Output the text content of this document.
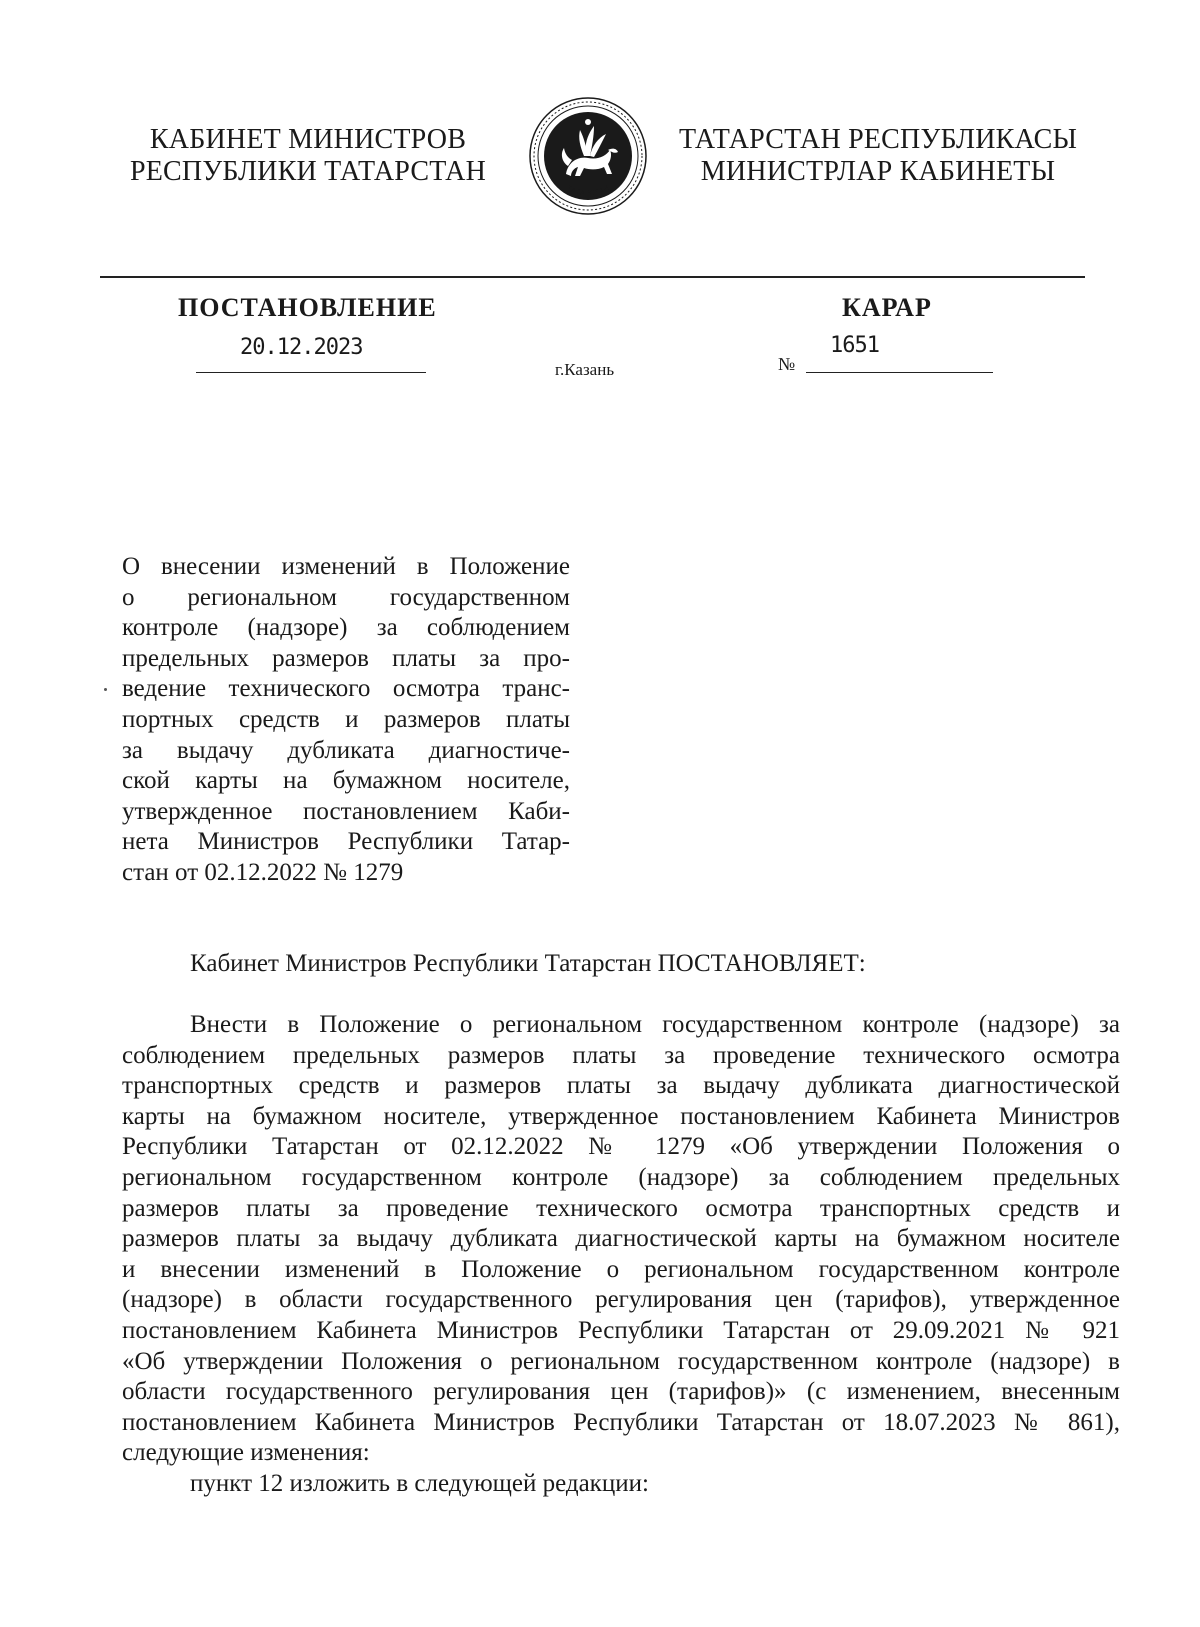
КАБИНЕТ МИНИСТРОВ
РЕСПУБЛИКИ ТАТАРСТАН
ТАТАРСТАН
ТАТАРСТАН РЕСПУБЛИКАСЫ
МИНИСТРЛАР КАБИНЕТЫ
ПОСТАНОВЛЕНИЕ	КАРАР
20.12.2023
г.Казань	№
1651
О внесении изменений в Положение
о региональном государственном
контроле (надзоре) за соблюдением
предельных размеров платы за про-
ведение технического осмотра транс-
портных средств и размеров платы
за выдачу дубликата диагностиче-
ской карты на бумажном носителе,
утвержденное постановлением Каби-
нета Министров Республики Татар-
стан от 02.12.2022 № 1279
Кабинет Министров Республики Татарстан ПОСТАНОВЛЯЕТ:
Внести в Положение о региональном государственном контроле (надзоре) за
соблюдением предельных размеров платы за проведение технического осмотра
транспортных средств и размеров платы за выдачу дубликата диагностической
карты на бумажном носителе, утвержденное постановлением Кабинета Министров
Республики Татарстан от 02.12.2022 № 1279 «Об утверждении Положения о
региональном государственном контроле (надзоре) за соблюдением предельных
размеров платы за проведение технического осмотра транспортных средств и
размеров платы за выдачу дубликата диагностической карты на бумажном носителе
и внесении изменений в Положение о региональном государственном контроле
(надзоре) в области государственного регулирования цен (тарифов), утвержденное
постановлением Кабинета Министров Республики Татарстан от 29.09.2021 № 921
«Об утверждении Положения о региональном государственном контроле (надзоре) в
области государственного регулирования цен (тарифов)» (с изменением, внесенным
постановлением Кабинета Министров Республики Татарстан от 18.07.2023 № 861),
следующие изменения:
пункт 12 изложить в следующей редакции:
